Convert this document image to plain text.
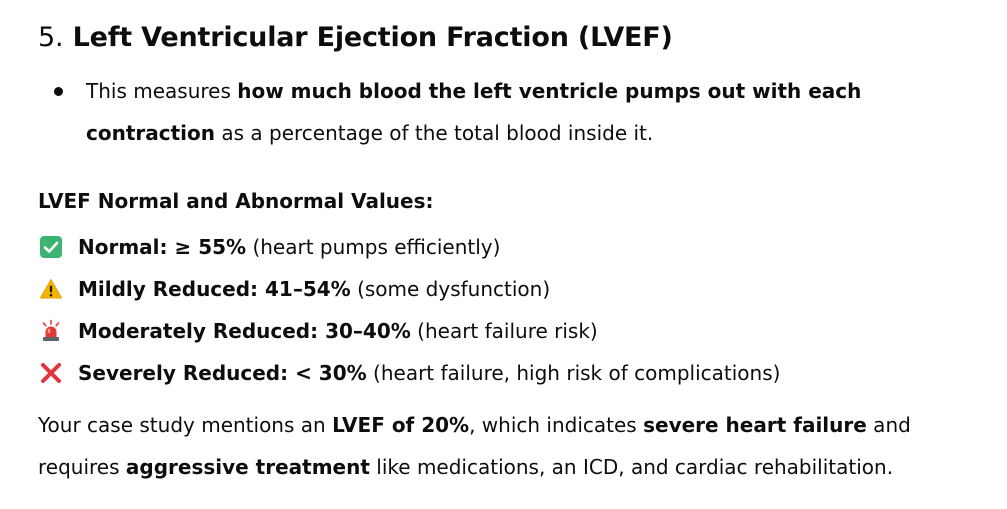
5. Left Ventricular Ejection Fraction (LVEF)
This measures how much blood the left ventricle pumps out with each contraction as a percentage of the total blood inside it.
LVEF Normal and Abnormal Values:
Normal: ≥ 55% (heart pumps efficiently)
Mildly Reduced: 41–54% (some dysfunction)
Moderately Reduced: 30–40% (heart failure risk)
Severely Reduced: < 30% (heart failure, high risk of complications)

Your case study mentions an LVEF of 20%, which indicates severe heart failure and requires aggressive treatment like medications, an ICD, and cardiac rehabilitation.
